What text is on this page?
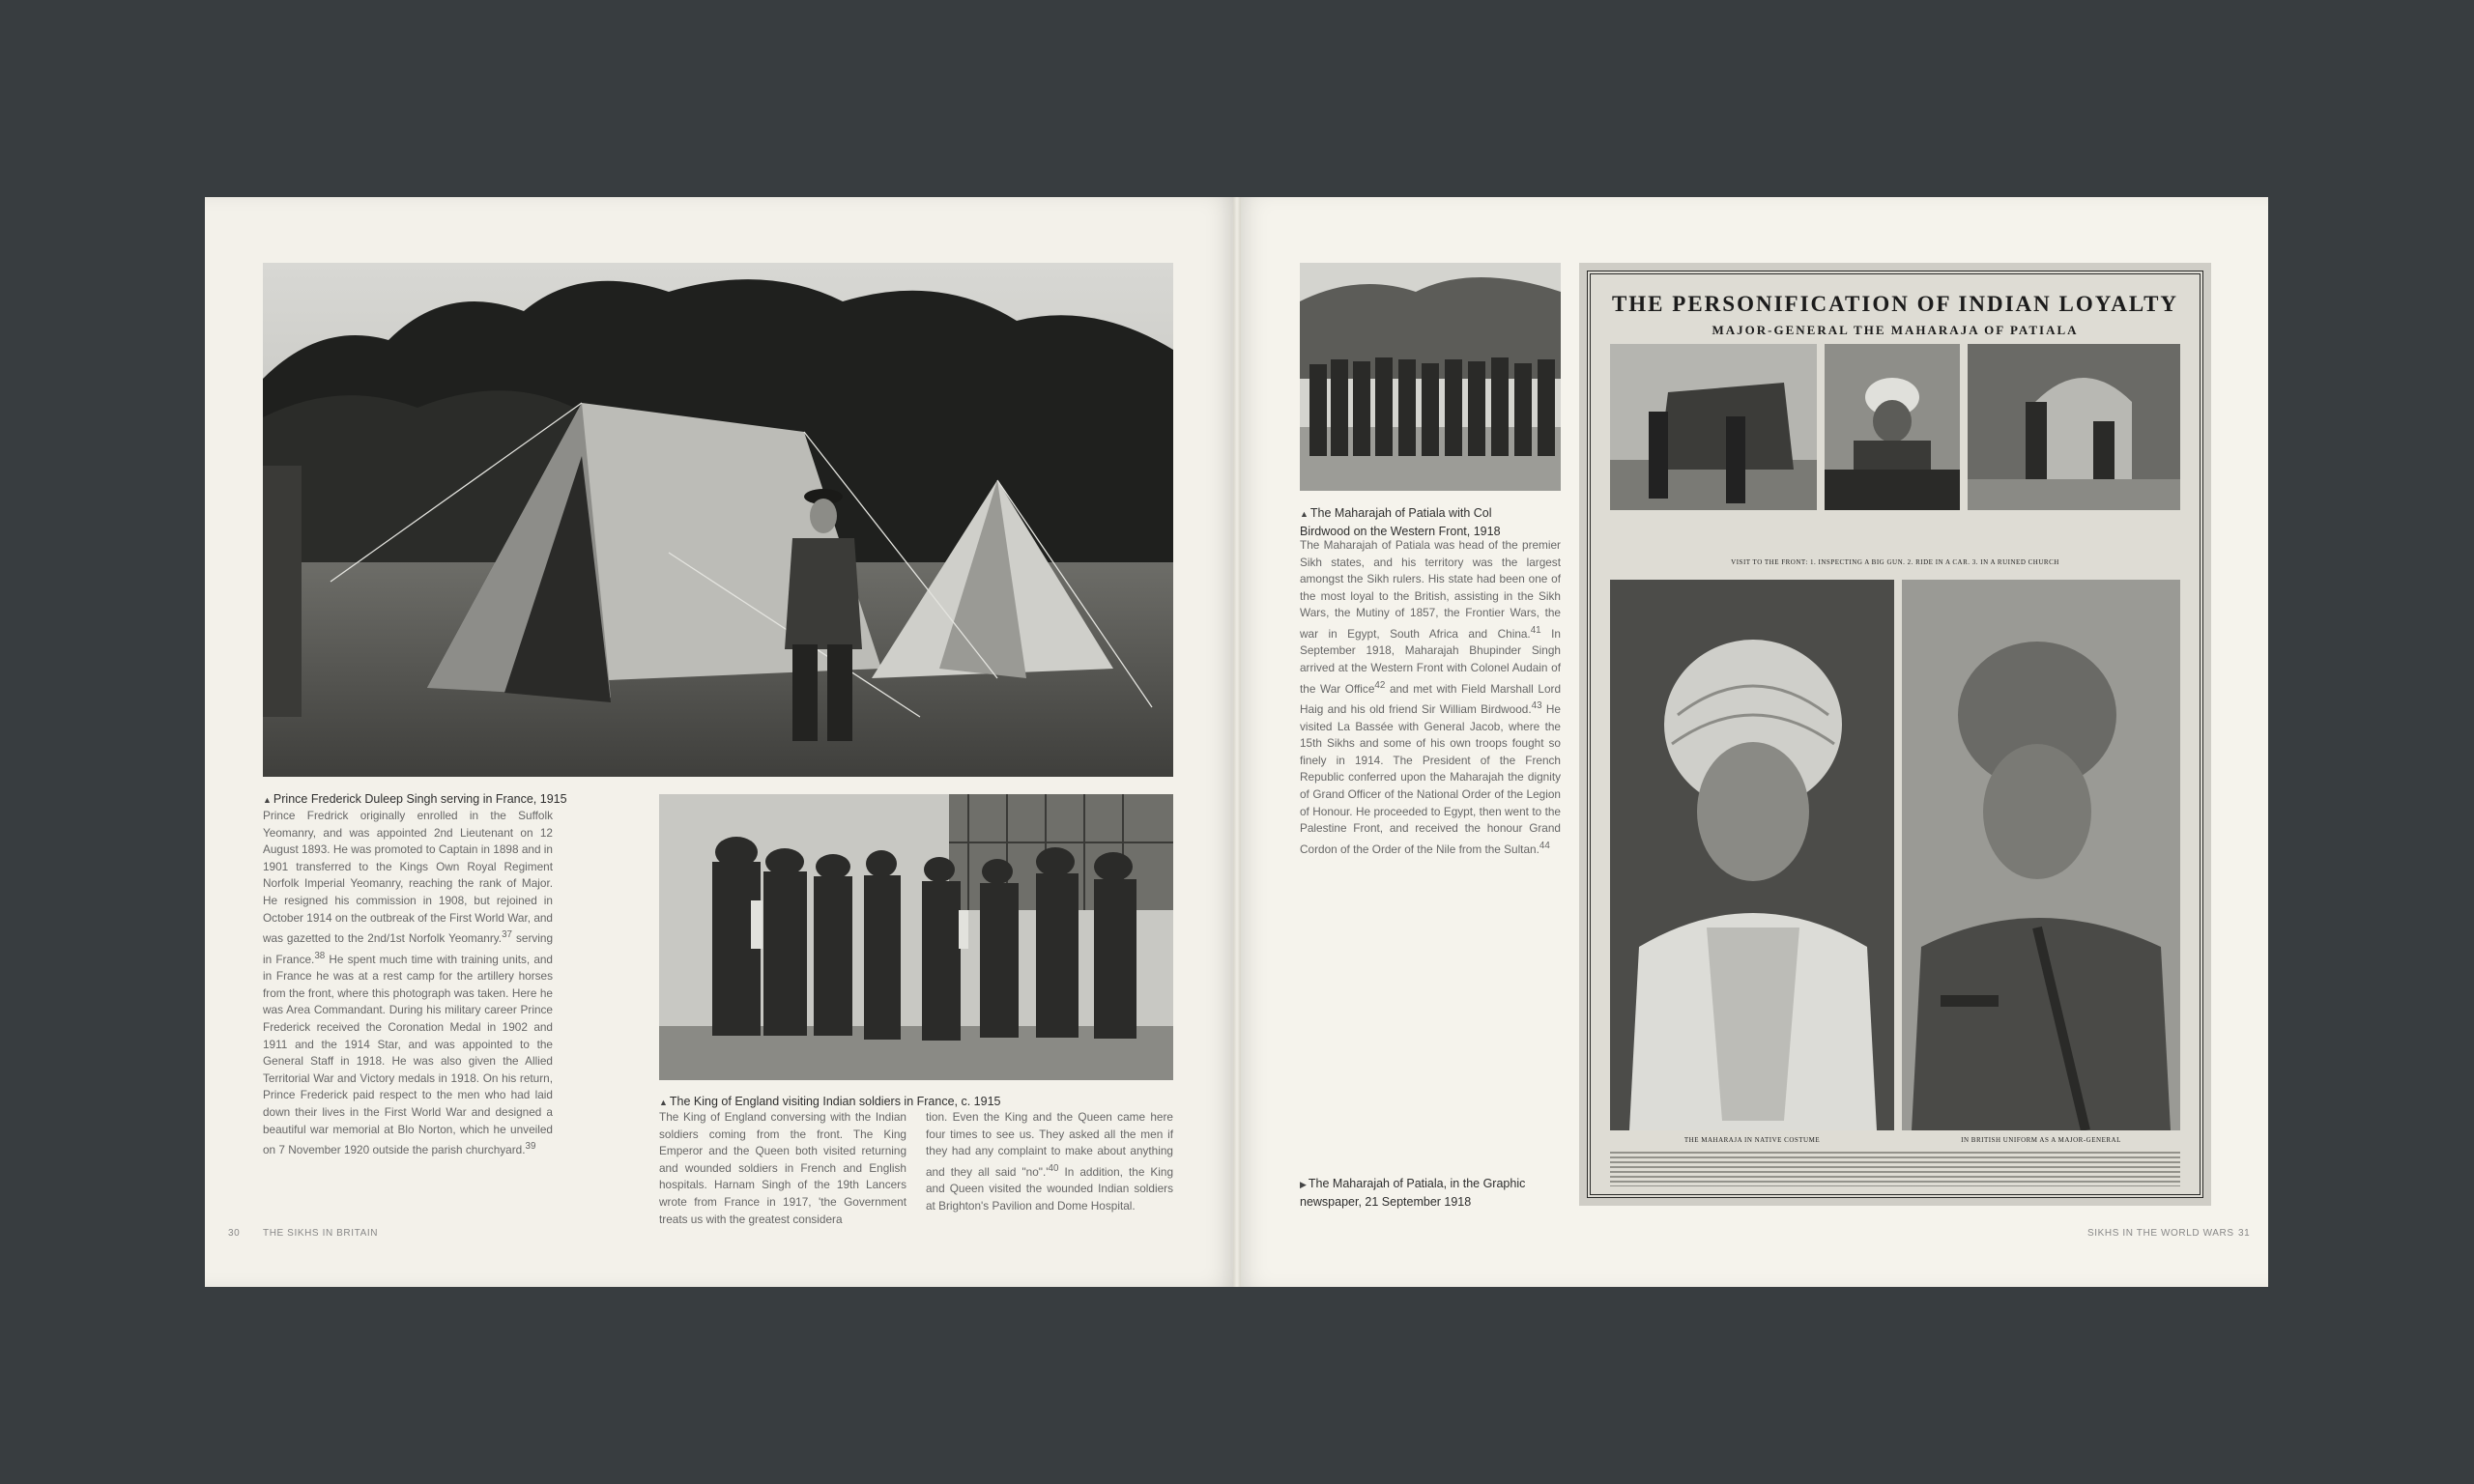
▲ Prince Frederick Duleep Singh serving in France, 1915

Prince Fredrick originally enrolled in the Suffolk Yeomanry, and was appointed 2nd Lieutenant on 12 August 1893. He was promoted to Captain in 1898 and in 1901 transferred to the Kings Own Royal Regiment Norfolk Imperial Yeomanry, reaching the rank of Major. He resigned his commission in 1908, but rejoined in October 1914 on the outbreak of the First World War, and was gazetted to the 2nd/1st Norfolk Yeomanry.$^{37}$ serving in France.$^{38}$ He spent much time with training units, and in France he was at a rest camp for the artillery horses from the front, where this photograph was taken. Here he was Area Commandant. During his military career Prince Frederick received the Coronation Medal in 1902 and 1911 and the 1914 Star, and was appointed to the General Staff in 1918. He was also given the Allied Territorial War and Victory medals in 1918. On his return, Prince Frederick paid respect to the men who had laid down their lives in the First World War and designed a beautiful war memorial at Blo Norton, which he unveiled on 7 November 1920 outside the parish churchyard.$^{39}$

▲ The King of England visiting Indian soldiers in France, c. 1915

The King of England conversing with the Indian soldiers coming from the front. The King Emperor and the Queen both visited returning and wounded soldiers in French and English hospitals. Harnam Singh of the 19th Lancers wrote from France in 1917, 'the Government treats us with the greatest considera

tion. Even the King and the Queen came here four times to see us. They asked all the men if they had any complaint to make about anything and they all said "$no".'^{40}$ In addition, the King and Queen visited the wounded Indian soldiers at Brighton's Pavilion and Dome Hospital.

30 THE SIKHS IN BRITAIN
▲ The Maharajah of Patiala with Col
Birdwood on the Western Front, 1918

The Maharajah of Patiala was head of the premier Sikh states, and his territory was the largest amongst the Sikh rulers. His state had been one of the most loyal to the British, assisting in the Sikh Wars, the Mutiny of 1857, the Frontier Wars, the war in Egypt, South Africa and China.$^{41}$ In September 1918, Maharajah Bhupinder Singh arrived at the Western Front with Colonel Audain of the War Office$^{42}$ and met with Field Marshall Lord Haig and his old friend Sir William Birdwood.$^{43}$ He visited La Bassée with General Jacob, where the 15th Sikhs and some of his own troops fought so finely in 1914. The President of the French Republic conferred upon the Maharajah the dignity of Grand Officer of the National Order of the Legion of Honour. He proceeded to Egypt, then went to the Palestine Front, and received the honour Grand Cordon of the Order of the Nile from the Sultan.$^{44}$

▶ The Maharajah of Patiala, in the Graphic
newspaper, 21 September 1918
THE PERSONIFICATION OF INDIAN LOYALTY
MAJOR-GENERAL THE MAHARAJA OF PATIALA
VISIT TO THE FRONT: 1. INSPECTING A BIG GUN. 2. RIDE IN A CAR. 3. IN A RUINED CHURCH
THE MAHARAJA IN NATIVE COSTUME	IN BRITISH UNIFORM AS A MAJOR-GENERAL
SIKHS IN THE WORLD WARS 31
